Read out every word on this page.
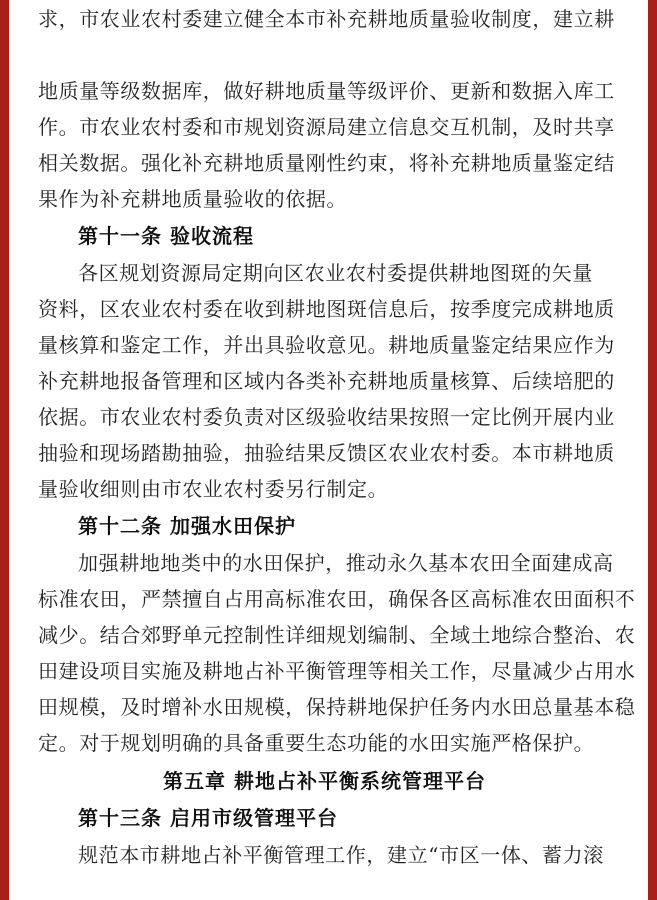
求，市农业农村委建立健全本市补充耕地质量验收制度，建立耕
地质量等级数据库，做好耕地质量等级评价、更新和数据入库工
作。市农业农村委和市规划资源局建立信息交互机制，及时共享
相关数据。强化补充耕地质量刚性约束，将补充耕地质量鉴定结
果作为补充耕地质量验收的依据。
第十一条 验收流程
各区规划资源局定期向区农业农村委提供耕地图斑的矢量
资料，区农业农村委在收到耕地图斑信息后，按季度完成耕地质
量核算和鉴定工作，并出具验收意见。耕地质量鉴定结果应作为
补充耕地报备管理和区域内各类补充耕地质量核算、后续培肥的
依据。市农业农村委负责对区级验收结果按照一定比例开展内业
抽验和现场踏勘抽验，抽验结果反馈区农业农村委。本市耕地质
量验收细则由市农业农村委另行制定。
第十二条 加强水田保护
加强耕地地类中的水田保护，推动永久基本农田全面建成高
标准农田，严禁擅自占用高标准农田，确保各区高标准农田面积不
减少。结合郊野单元控制性详细规划编制、全域土地综合整治、农
田建设项目实施及耕地占补平衡管理等相关工作，尽量减少占用水
田规模，及时增补水田规模，保持耕地保护任务内水田总量基本稳
定。对于规划明确的具备重要生态功能的水田实施严格保护。
第五章 耕地占补平衡系统管理平台
第十三条 启用市级管理平台
规范本市耕地占补平衡管理工作，建立“市区一体、蓄力滚
